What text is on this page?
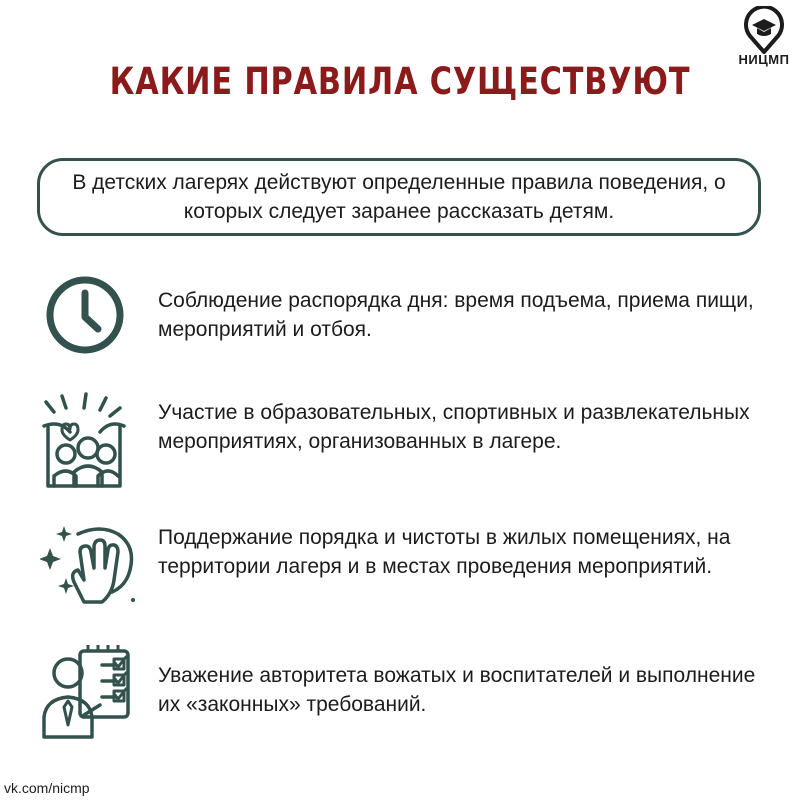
НИЦМП
КАКИЕ ПРАВИЛА СУЩЕСТВУЮТ
В детских лагерях действуют определенные правила поведения, о которых следует заранее рассказать детям.
Соблюдение распорядка дня: время подъема, приема пищи, мероприятий и отбоя.
Участие в образовательных, спортивных и развлекательных мероприятиях, организованных в лагере.
Поддержание порядка и чистоты в жилых помещениях, на территории лагеря и в местах проведения мероприятий.
Уважение авторитета вожатых и воспитателей и выполнение их «законных» требований.
vk.com/nicmp
